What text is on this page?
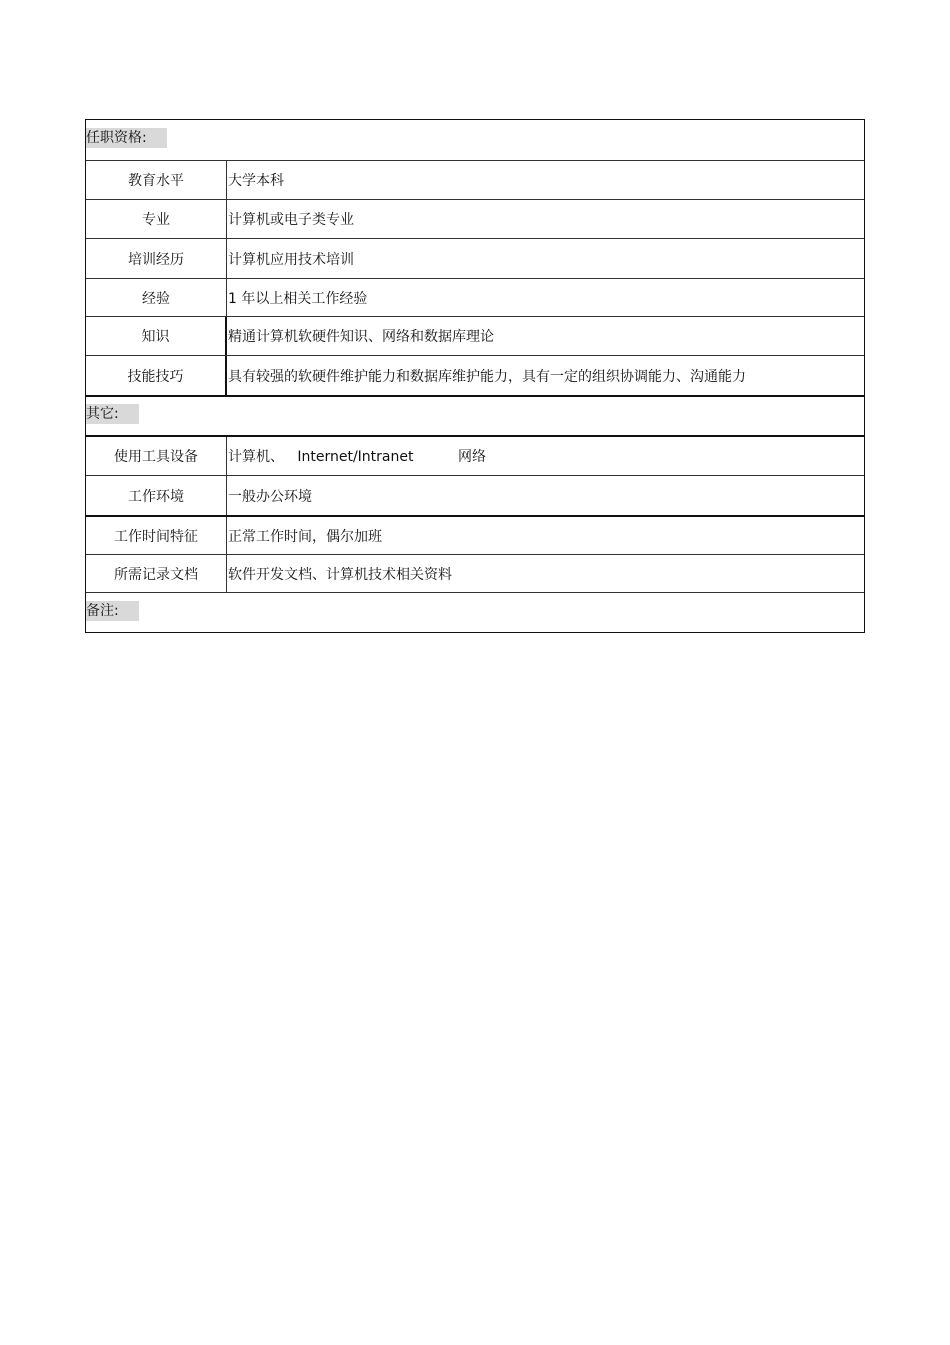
任职资格:
教育水平	大学本科
专业	计算机或电子类专业
培训经历	计算机应用技术培训
经验	1 年以上相关工作经验
知识	精通计算机软硬件知识、网络和数据库理论
技能技巧	具有较强的软硬件维护能力和数据库维护能力，具有一定的组织协调能力、沟通能力
其它:
使用工具设备	计算机、   Internet/Intranet          网络
工作环境	一般办公环境
工作时间特征	正常工作时间，偶尔加班
所需记录文档	软件开发文档、计算机技术相关资料
备注:
